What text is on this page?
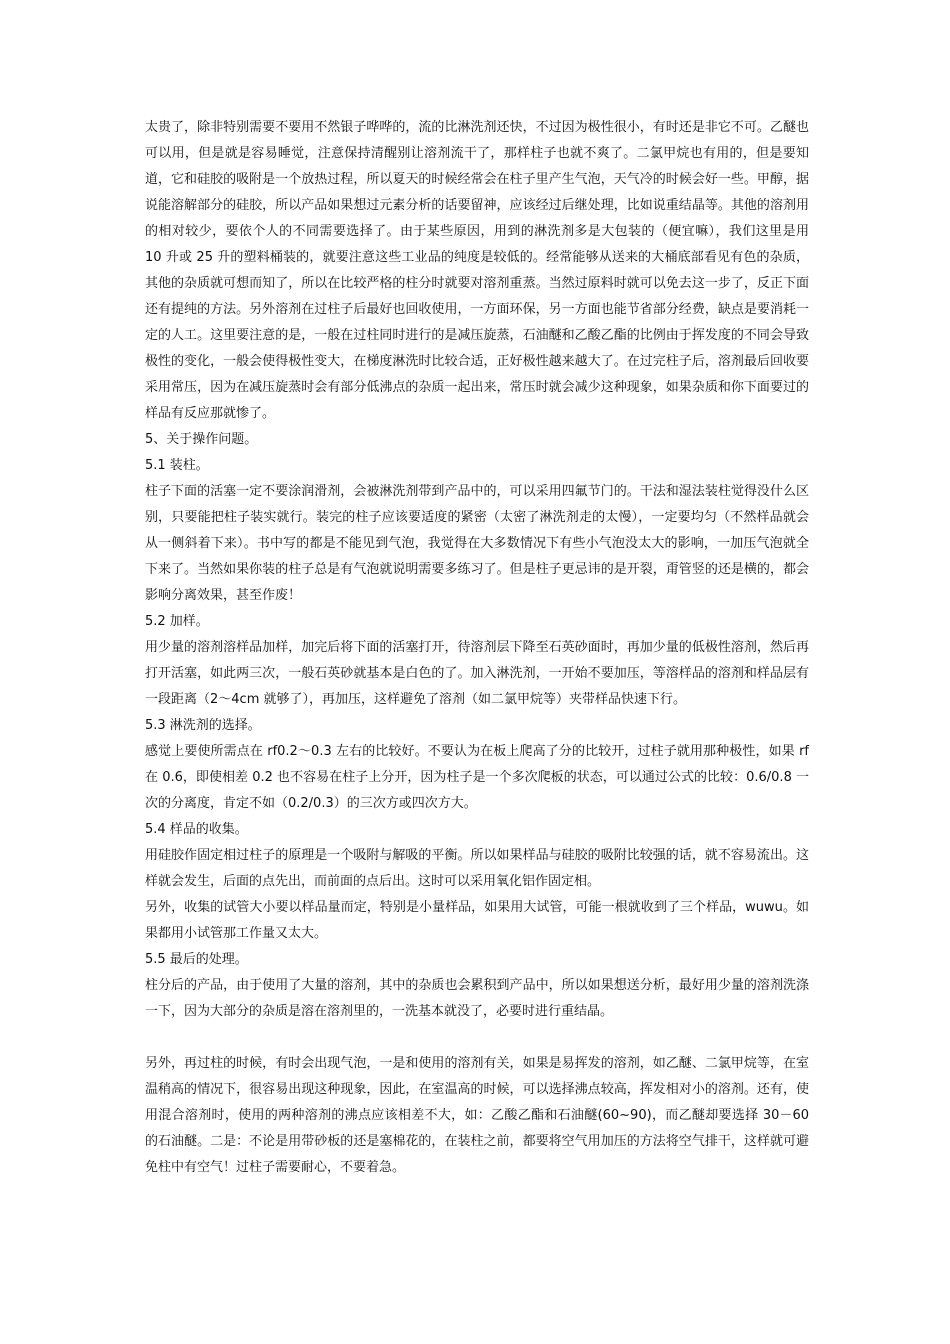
太贵了，除非特别需要不要用不然银子哗哗的，流的比淋洗剂还快，不过因为极性很小，有时还是非它不可。乙醚也可以用，但是就是容易睡觉，注意保持清醒别让溶剂流干了，那样柱子也就不爽了。二氯甲烷也有用的，但是要知道，它和硅胶的吸附是一个放热过程，所以夏天的时候经常会在柱子里产生气泡，天气冷的时候会好一些。甲醇，据说能溶解部分的硅胶，所以产品如果想过元素分析的话要留神，应该经过后继处理，比如说重结晶等。其他的溶剂用的相对较少，要依个人的不同需要选择了。由于某些原因，用到的淋洗剂多是大包装的（便宜嘛），我们这里是用 10 升或 25 升的塑料桶装的，就要注意这些工业品的纯度是较低的。经常能够从送来的大桶底部看见有色的杂质，其他的杂质就可想而知了，所以在比较严格的柱分时就要对溶剂重蒸。当然过原料时就可以免去这一步了，反正下面还有提纯的方法。另外溶剂在过柱子后最好也回收使用，一方面环保，另一方面也能节省部分经费，缺点是要消耗一定的人工。这里要注意的是，一般在过柱同时进行的是减压旋蒸，石油醚和乙酸乙酯的比例由于挥发度的不同会导致极性的变化，一般会使得极性变大，在梯度淋洗时比较合适，正好极性越来越大了。在过完柱子后，溶剂最后回收要采用常压，因为在减压旋蒸时会有部分低沸点的杂质一起出来，常压时就会减少这种现象，如果杂质和你下面要过的样品有反应那就惨了。

5、关于操作问题。

5.1 装柱。

柱子下面的活塞一定不要涂润滑剂，会被淋洗剂带到产品中的，可以采用四氟节门的。干法和湿法装柱觉得没什么区别，只要能把柱子装实就行。装完的柱子应该要适度的紧密（太密了淋洗剂走的太慢），一定要均匀（不然样品就会从一侧斜着下来）。书中写的都是不能见到气泡，我觉得在大多数情况下有些小气泡没太大的影响，一加压气泡就全下来了。当然如果你装的柱子总是有气泡就说明需要多练习了。但是柱子更忌讳的是开裂，甭管竖的还是横的，都会影响分离效果，甚至作废！

5.2 加样。

用少量的溶剂溶样品加样，加完后将下面的活塞打开，待溶剂层下降至石英砂面时，再加少量的低极性溶剂，然后再打开活塞，如此两三次，一般石英砂就基本是白色的了。加入淋洗剂，一开始不要加压，等溶样品的溶剂和样品层有一段距离（2～4cm 就够了），再加压，这样避免了溶剂（如二氯甲烷等）夹带样品快速下行。

5.3 淋洗剂的选择。

感觉上要使所需点在 rf0.2～0.3 左右的比较好。不要认为在板上爬高了分的比较开，过柱子就用那种极性，如果 rf 在 0.6，即使相差 0.2 也不容易在柱子上分开，因为柱子是一个多次爬板的状态，可以通过公式的比较：0.6/0.8 一次的分离度，肯定不如（0.2/0.3）的三次方或四次方大。

5.4 样品的收集。

用硅胶作固定相过柱子的原理是一个吸附与解吸的平衡。所以如果样品与硅胶的吸附比较强的话，就不容易流出。这样就会发生，后面的点先出，而前面的点后出。这时可以采用氧化铝作固定相。

另外，收集的试管大小要以样品量而定，特别是小量样品，如果用大试管，可能一根就收到了三个样品，wuwu。如果都用小试管那工作量又太大。

5.5 最后的处理。

柱分后的产品，由于使用了大量的溶剂，其中的杂质也会累积到产品中，所以如果想送分析，最好用少量的溶剂洗涤一下，因为大部分的杂质是溶在溶剂里的，一洗基本就没了，必要时进行重结晶。

另外，再过柱的时候，有时会出现气泡，一是和使用的溶剂有关，如果是易挥发的溶剂，如乙醚、二氯甲烷等，在室温稍高的情况下，很容易出现这种现象，因此，在室温高的时候，可以选择沸点较高，挥发相对小的溶剂。还有，使用混合溶剂时，使用的两种溶剂的沸点应该相差不大，如：乙酸乙酯和石油醚(60~90)，而乙醚却要选择 30－60 的石油醚。二是：不论是用带砂板的还是塞棉花的，在装柱之前，都要将空气用加压的方法将空气排干，这样就可避免柱中有空气！过柱子需要耐心，不要着急。
